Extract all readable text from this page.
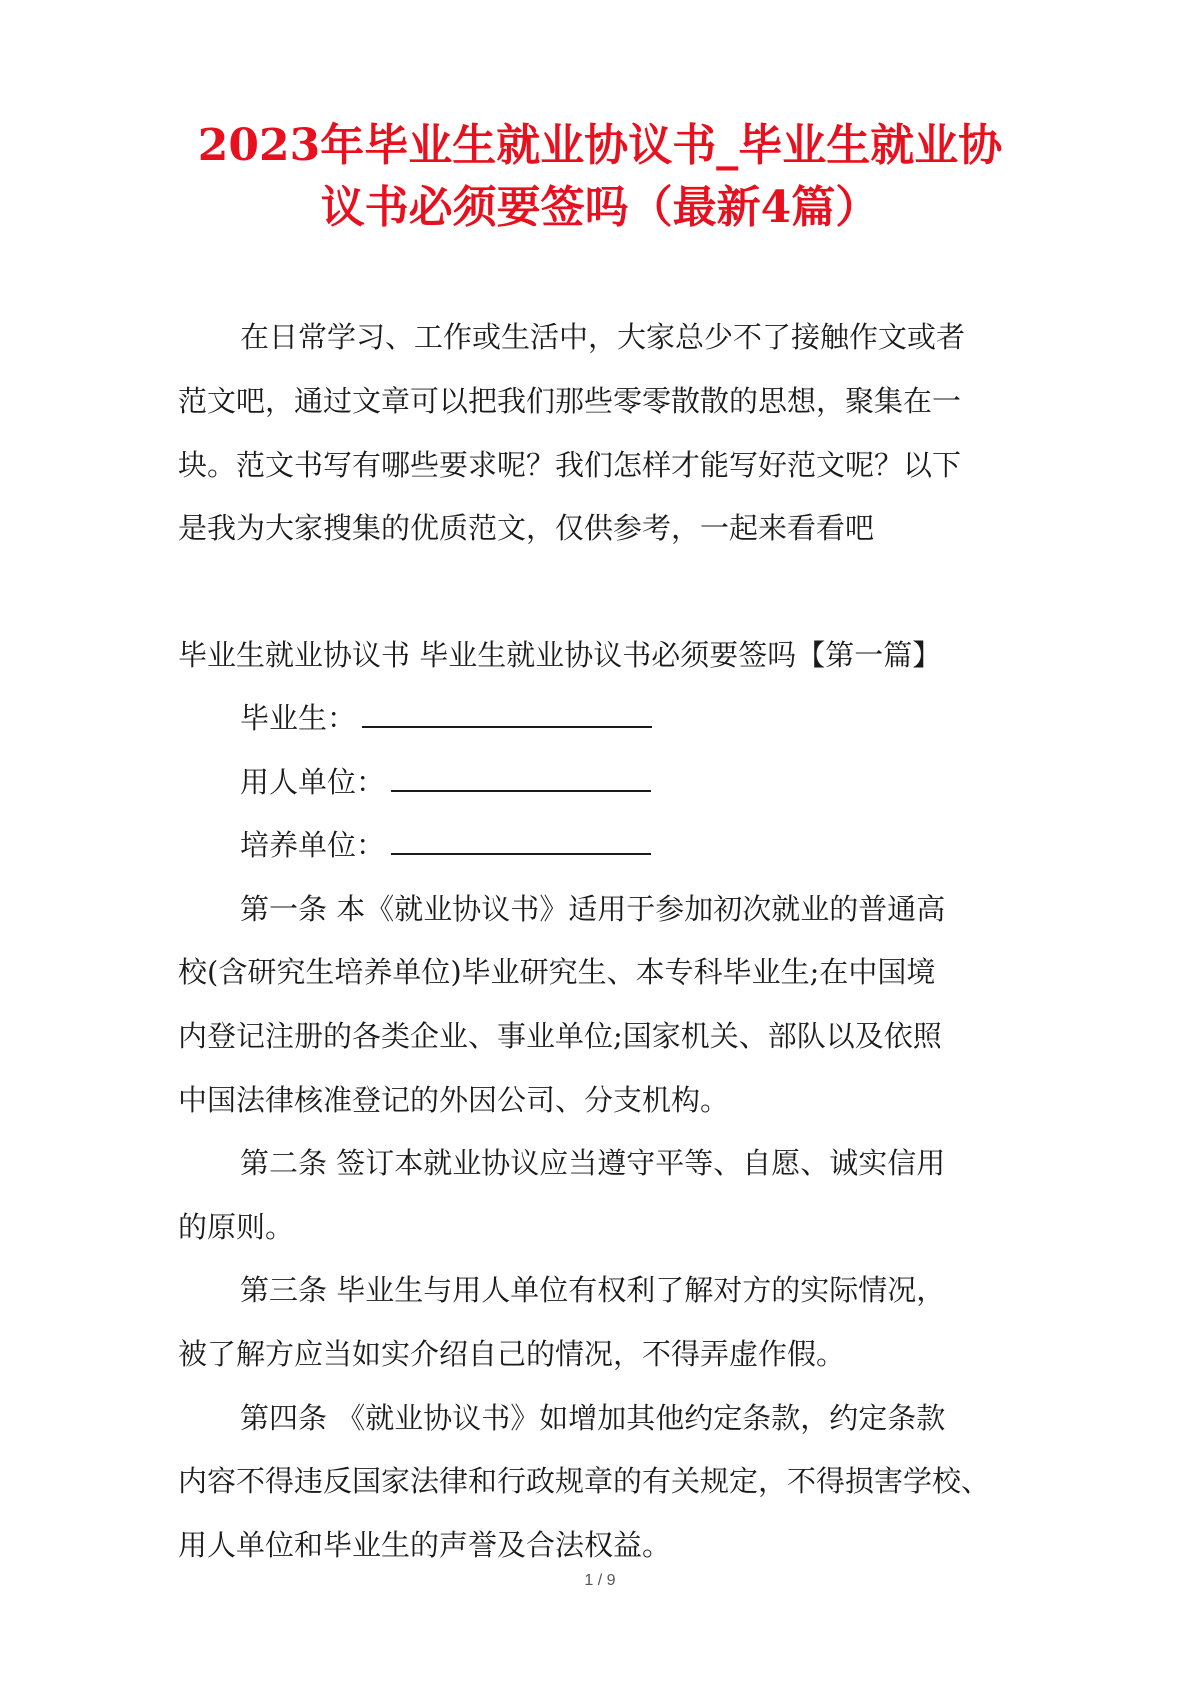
2023年毕业生就业协议书_毕业生就业协
议书必须要签吗（最新4篇）
在日常学习、工作或生活中，大家总少不了接触作文或者
范文吧，通过文章可以把我们那些零零散散的思想，聚集在一
块。范文书写有哪些要求呢？我们怎样才能写好范文呢？以下
是我为大家搜集的优质范文，仅供参考，一起来看看吧
毕业生就业协议书 毕业生就业协议书必须要签吗【第一篇】
毕业生：
用人单位：
培养单位：
第一条 本《就业协议书》适用于参加初次就业的普通高
校(含研究生培养单位)毕业研究生、本专科毕业生;在中国境
内登记注册的各类企业、事业单位;国家机关、部队以及依照
中国法律核准登记的外因公司、分支机构。
第二条 签订本就业协议应当遵守平等、自愿、诚实信用
的原则。
第三条 毕业生与用人单位有权利了解对方的实际情况，
被了解方应当如实介绍自己的情况，不得弄虚作假。
第四条 《就业协议书》如增加其他约定条款，约定条款
内容不得违反国家法律和行政规章的有关规定，不得损害学校、
用人单位和毕业生的声誉及合法权益。
1 / 9
